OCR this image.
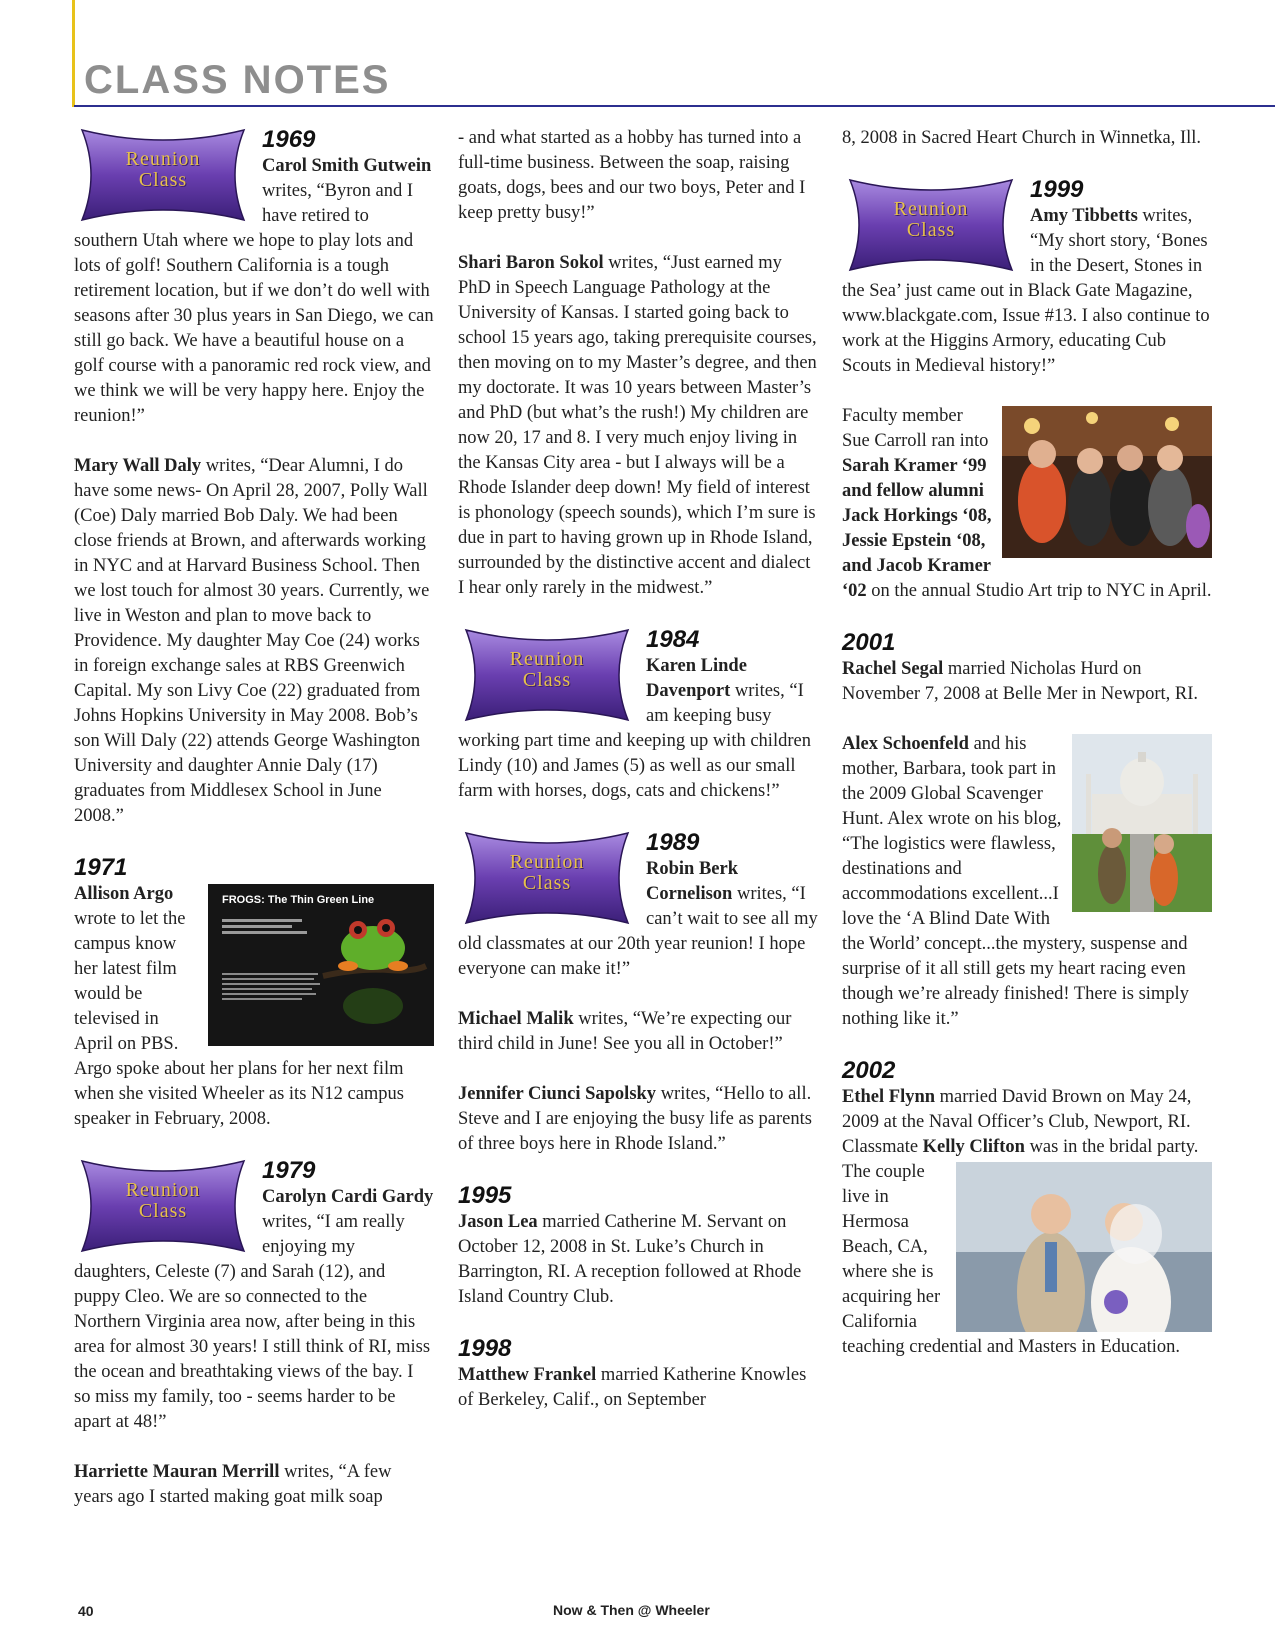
CLASS NOTES
Reunion
Class
1969

Carol Smith Gutwein writes, “Byron and I have retired to southern Utah where we hope to play lots and lots of golf! Southern California is a tough retirement location, but if we don’t do well with seasons after 30 plus years in San Diego, we can still go back. We have a beautiful house on a golf course with a panoramic red rock view, and we think we will be very happy here. Enjoy the reunion!”

Mary Wall Daly writes, “Dear Alumni, I do have some news- On April 28, 2007, Polly Wall (Coe) Daly married Bob Daly. We had been close friends at Brown, and afterwards working in NYC and at Harvard Business School. Then we lost touch for almost 30 years. Currently, we live in Weston and plan to move back to Providence. My daughter May Coe (24) works in foreign exchange sales at RBS Greenwich Capital. My son Livy Coe (22) graduated from Johns Hopkins University in May 2008. Bob’s son Will Daly (22) attends George Washington University and daughter Annie Daly (17) graduates from Middlesex School in June 2008.”

1971
FROGS: The Thin Green Line

Allison Argo wrote to let the campus know her latest film would be televised in April on PBS. Argo spoke about her plans for her next film when she visited Wheeler as its N12 campus speaker in February, 2008.

Reunion
Class
1979

Carolyn Cardi Gardy writes, “I am really enjoying my daughters, Celeste (7) and Sarah (12), and puppy Cleo. We are so connected to the Northern Virginia area now, after being in this area for almost 30 years! I still think of RI, miss the ocean and breathtaking views of the bay. I so miss my family, too - seems harder to be apart at 48!”

Harriette Mauran Merrill writes, “A few years ago I started making goat milk soap

- and what started as a hobby has turned into a full-time business. Between the soap, raising goats, dogs, bees and our two boys, Peter and I keep pretty busy!”

Shari Baron Sokol writes, “Just earned my PhD in Speech Language Pathology at the University of Kansas. I started going back to school 15 years ago, taking prerequisite courses, then moving on to my Master’s degree, and then my doctorate. It was 10 years between Master’s and PhD (but what’s the rush!) My children are now 20, 17 and 8. I very much enjoy living in the Kansas City area - but I always will be a Rhode Islander deep down! My field of interest is phonology (speech sounds), which I’m sure is due in part to having grown up in Rhode Island, surrounded by the distinctive accent and dialect I hear only rarely in the midwest.”

Reunion
Class
1984

Karen Linde Davenport writes, “I am keeping busy working part time and keeping up with children Lindy (10) and James (5) as well as our small farm with horses, dogs, cats and chickens!”

Reunion
Class
1989

Robin Berk Cornelison writes, “I can’t wait to see all my old classmates at our 20th year reunion! I hope everyone can make it!”

Michael Malik writes, “We’re expecting our third child in June! See you all in October!”

Jennifer Ciunci Sapolsky writes, “Hello to all. Steve and I are enjoying the busy life as parents of three boys here in Rhode Island.”

1995

Jason Lea married Catherine M. Servant on October 12, 2008 in St. Luke’s Church in Barrington, RI. A reception followed at Rhode Island Country Club.

1998

Matthew Frankel married Katherine Knowles of Berkeley, Calif., on September

8, 2008 in Sacred Heart Church in Winnetka, Ill.

Reunion
Class
1999

Amy Tibbetts writes, “My short story, ‘Bones in the Desert, Stones in the Sea’ just came out in Black Gate Magazine, www.blackgate.com, Issue #13. I also continue to work at the Higgins Armory, educating Cub Scouts in Medieval history!”

Faculty member Sue Carroll ran into Sarah Kramer ‘99 and fellow alumni Jack Horkings ‘08, Jessie Epstein ‘08, and Jacob Kramer ‘02 on the annual Studio Art trip to NYC in April.

2001

Rachel Segal married Nicholas Hurd on November 7, 2008 at Belle Mer in Newport, RI.

Alex Schoenfeld and his mother, Barbara, took part in the 2009 Global Scavenger Hunt. Alex wrote on his blog, “The logistics were flawless, destinations and accommodations excellent...I love the ‘A Blind Date With the World’ concept...the mystery, suspense and surprise of it all still gets my heart racing even though we’re already finished! There is simply nothing like it.”

2002

Ethel Flynn married David Brown on May 24, 2009 at the Naval Officer’s Club, Newport, RI. Classmate Kelly Clifton
was in the bridal party. The couple live in Hermosa Beach, CA, where she is acquiring her California teaching credential and Masters in Education.

40	Now & Then @ Wheeler
